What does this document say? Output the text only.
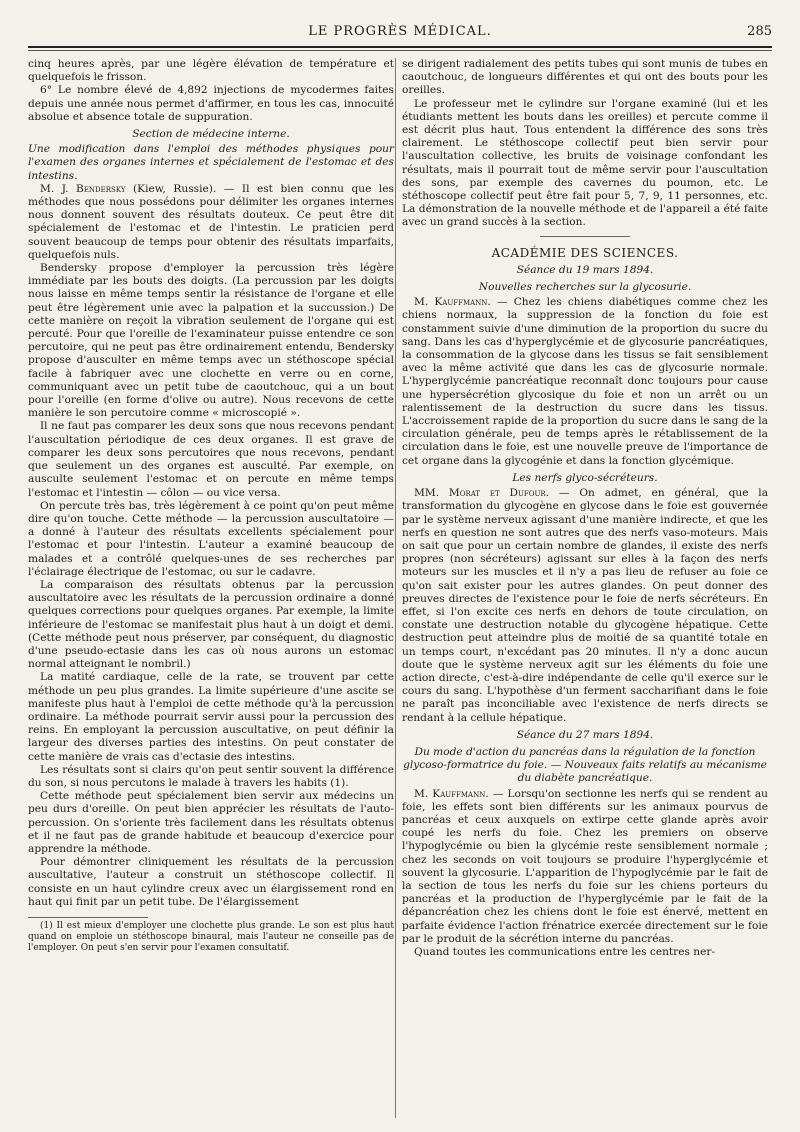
LE PROGRÈS MÉDICAL.	285

cinq heures après, par une légère élévation de température et quelquefois le frisson.

6° Le nombre élevé de 4,892 injections de mycodermes faites depuis une année nous permet d'affirmer, en tous les cas, innocuité absolue et absence totale de suppuration.

Section de médecine interne.

Une modification dans l'emploi des méthodes physiques pour l'examen des organes internes et spécialement de l'estomac et des intestins.

M. J. Bendersky (Kiew, Russie). — Il est bien connu que les méthodes que nous possédons pour délimiter les organes internes nous donnent souvent des résultats douteux. Ce peut être dit spécialement de l'estomac et de l'intestin. Le praticien perd souvent beaucoup de temps pour obtenir des résultats imparfaits, quelquefois nuls.

Bendersky propose d'employer la percussion très légère immédiate par les bouts des doigts. (La percussion par les doigts nous laisse en même temps sentir la résistance de l'organe et elle peut être légèrement unie avec la palpation et la succussion.) De cette manière on reçoit la vibration seulement de l'organe qui est percuté. Pour que l'oreille de l'examinateur puisse entendre ce son percutoire, qui ne peut pas être ordinairement entendu, Bendersky propose d'ausculter en même temps avec un stéthoscope spécial facile à fabriquer avec une clochette en verre ou en corne, communiquant avec un petit tube de caoutchouc, qui a un bout pour l'oreille (en forme d'olive ou autre). Nous recevons de cette manière le son percutoire comme « microscopié ».

Il ne faut pas comparer les deux sons que nous recevons pendant l'auscultation périodique de ces deux organes. Il est grave de comparer les deux sons percutoires que nous recevons, pendant que seulement un des organes est ausculté. Par exemple, on ausculte seulement l'estomac et on percute en même temps l'estomac et l'intestin — côlon — ou vice versa.

On percute très bas, très légèrement à ce point qu'on peut même dire qu'on touche. Cette méthode — la percussion auscultatoire — a donné à l'auteur des résultats excellents spécialement pour l'estomac et pour l'intestin. L'auteur a examiné beaucoup de malades et a contrôlé quelques-unes de ses recherches par l'éclairage électrique de l'estomac, ou sur le cadavre.

La comparaison des résultats obtenus par la percussion auscultatoire avec les résultats de la percussion ordinaire a donné quelques corrections pour quelques organes. Par exemple, la limite inférieure de l'estomac se manifestait plus haut à un doigt et demi. (Cette méthode peut nous préserver, par conséquent, du diagnostic d'une pseudo-ectasie dans les cas où nous aurons un estomac normal atteignant le nombril.)

La matité cardiaque, celle de la rate, se trouvent par cette méthode un peu plus grandes. La limite supérieure d'une ascite se manifeste plus haut à l'emploi de cette méthode qu'à la percussion ordinaire. La méthode pourrait servir aussi pour la percussion des reins. En employant la percussion auscultative, on peut définir la largeur des diverses parties des intestins. On peut constater de cette manière de vrais cas d'ectasie des intestins.

Les résultats sont si clairs qu'on peut sentir souvent la différence du son, si nous percutons le malade à travers les habits (1).

Cette méthode peut spécialement bien servir aux médecins un peu durs d'oreille. On peut bien apprécier les résultats de l'auto-percussion. On s'oriente très facilement dans les résultats obtenus et il ne faut pas de grande habitude et beaucoup d'exercice pour apprendre la méthode.

Pour démontrer cliniquement les résultats de la percussion auscultative, l'auteur a construit un stéthoscope collectif. Il consiste en un haut cylindre creux avec un élargissement rond en haut qui finit par un petit tube. De l'élargissement

(1) Il est mieux d'employer une clochette plus grande. Le son est plus haut quand on emploie un stéthoscope binaural, mais l'auteur ne conseille pas de l'employer. On peut s'en servir pour l'examen consultatif.

se dirigent radialement des petits tubes qui sont munis de tubes en caoutchouc, de longueurs différentes et qui ont des bouts pour les oreilles.

Le professeur met le cylindre sur l'organe examiné (lui et les étudiants mettent les bouts dans les oreilles) et percute comme il est décrit plus haut. Tous entendent la différence des sons très clairement. Le stéthoscope collectif peut bien servir pour l'auscultation collective, les bruits de voisinage confondant les résultats, mais il pourrait tout de même servir pour l'auscultation des sons, par exemple des cavernes du poumon, etc. Le stéthoscope collectif peut être fait pour 5, 7, 9, 11 personnes, etc. La démonstration de la nouvelle méthode et de l'appareil a été faite avec un grand succès à la section.

ACADÉMIE DES SCIENCES.

Séance du 19 mars 1894.

Nouvelles recherches sur la glycosurie.

M. Kauffmann. — Chez les chiens diabétiques comme chez les chiens normaux, la suppression de la fonction du foie est constamment suivie d'une diminution de la proportion du sucre du sang. Dans les cas d'hyperglycémie et de glycosurie pancréatiques, la consommation de la glycose dans les tissus se fait sensiblement avec la même activité que dans les cas de glycosurie normale. L'hyperglycémie pancréatique reconnaît donc toujours pour cause une hypersécrétion glycosique du foie et non un arrêt ou un ralentissement de la destruction du sucre dans les tissus. L'accroissement rapide de la proportion du sucre dans le sang de la circulation générale, peu de temps après le rétablissement de la circulation dans le foie, est une nouvelle preuve de l'importance de cet organe dans la glycogénie et dans la fonction glycémique.

Les nerfs glyco-sécréteurs.

MM. Morat et Dufour. — On admet, en général, que la transformation du glycogène en glycose dans le foie est gouvernée par le système nerveux agissant d'une manière indirecte, et que les nerfs en question ne sont autres que des nerfs vaso-moteurs. Mais on sait que pour un certain nombre de glandes, il existe des nerfs propres (non sécréteurs) agissant sur elles à la façon des nerfs moteurs sur les muscles et il n'y a pas lieu de refuser au foie ce qu'on sait exister pour les autres glandes. On peut donner des preuves directes de l'existence pour le foie de nerfs sécréteurs. En effet, si l'on excite ces nerfs en dehors de toute circulation, on constate une destruction notable du glycogène hépatique. Cette destruction peut atteindre plus de moitié de sa quantité totale en un temps court, n'excédant pas 20 minutes. Il n'y a donc aucun doute que le système nerveux agit sur les éléments du foie une action directe, c'est-à-dire indépendante de celle qu'il exerce sur le cours du sang. L'hypothèse d'un ferment saccharifiant dans le foie ne paraît pas inconciliable avec l'existence de nerfs directs se rendant à la cellule hépatique.

Séance du 27 mars 1894.

Du mode d'action du pancréas dans la régulation de la fonction glycoso-formatrice du foie. — Nouveaux faits relatifs au mécanisme du diabète pancréatique.

M. Kauffmann. — Lorsqu'on sectionne les nerfs qui se rendent au foie, les effets sont bien différents sur les animaux pourvus de pancréas et ceux auxquels on extirpe cette glande après avoir coupé les nerfs du foie. Chez les premiers on observe l'hypoglycémie ou bien la glycémie reste sensiblement normale ; chez les seconds on voit toujours se produire l'hyperglycémie et souvent la glycosurie. L'apparition de l'hypoglycémie par le fait de la section de tous les nerfs du foie sur les chiens porteurs du pancréas et la production de l'hyperglycémie par le fait de la dépancréation chez les chiens dont le foie est énervé, mettent en parfaite évidence l'action frénatrice exercée directement sur le foie par le produit de la sécrétion interne du pancréas.

Quand toutes les communications entre les centres ner-
